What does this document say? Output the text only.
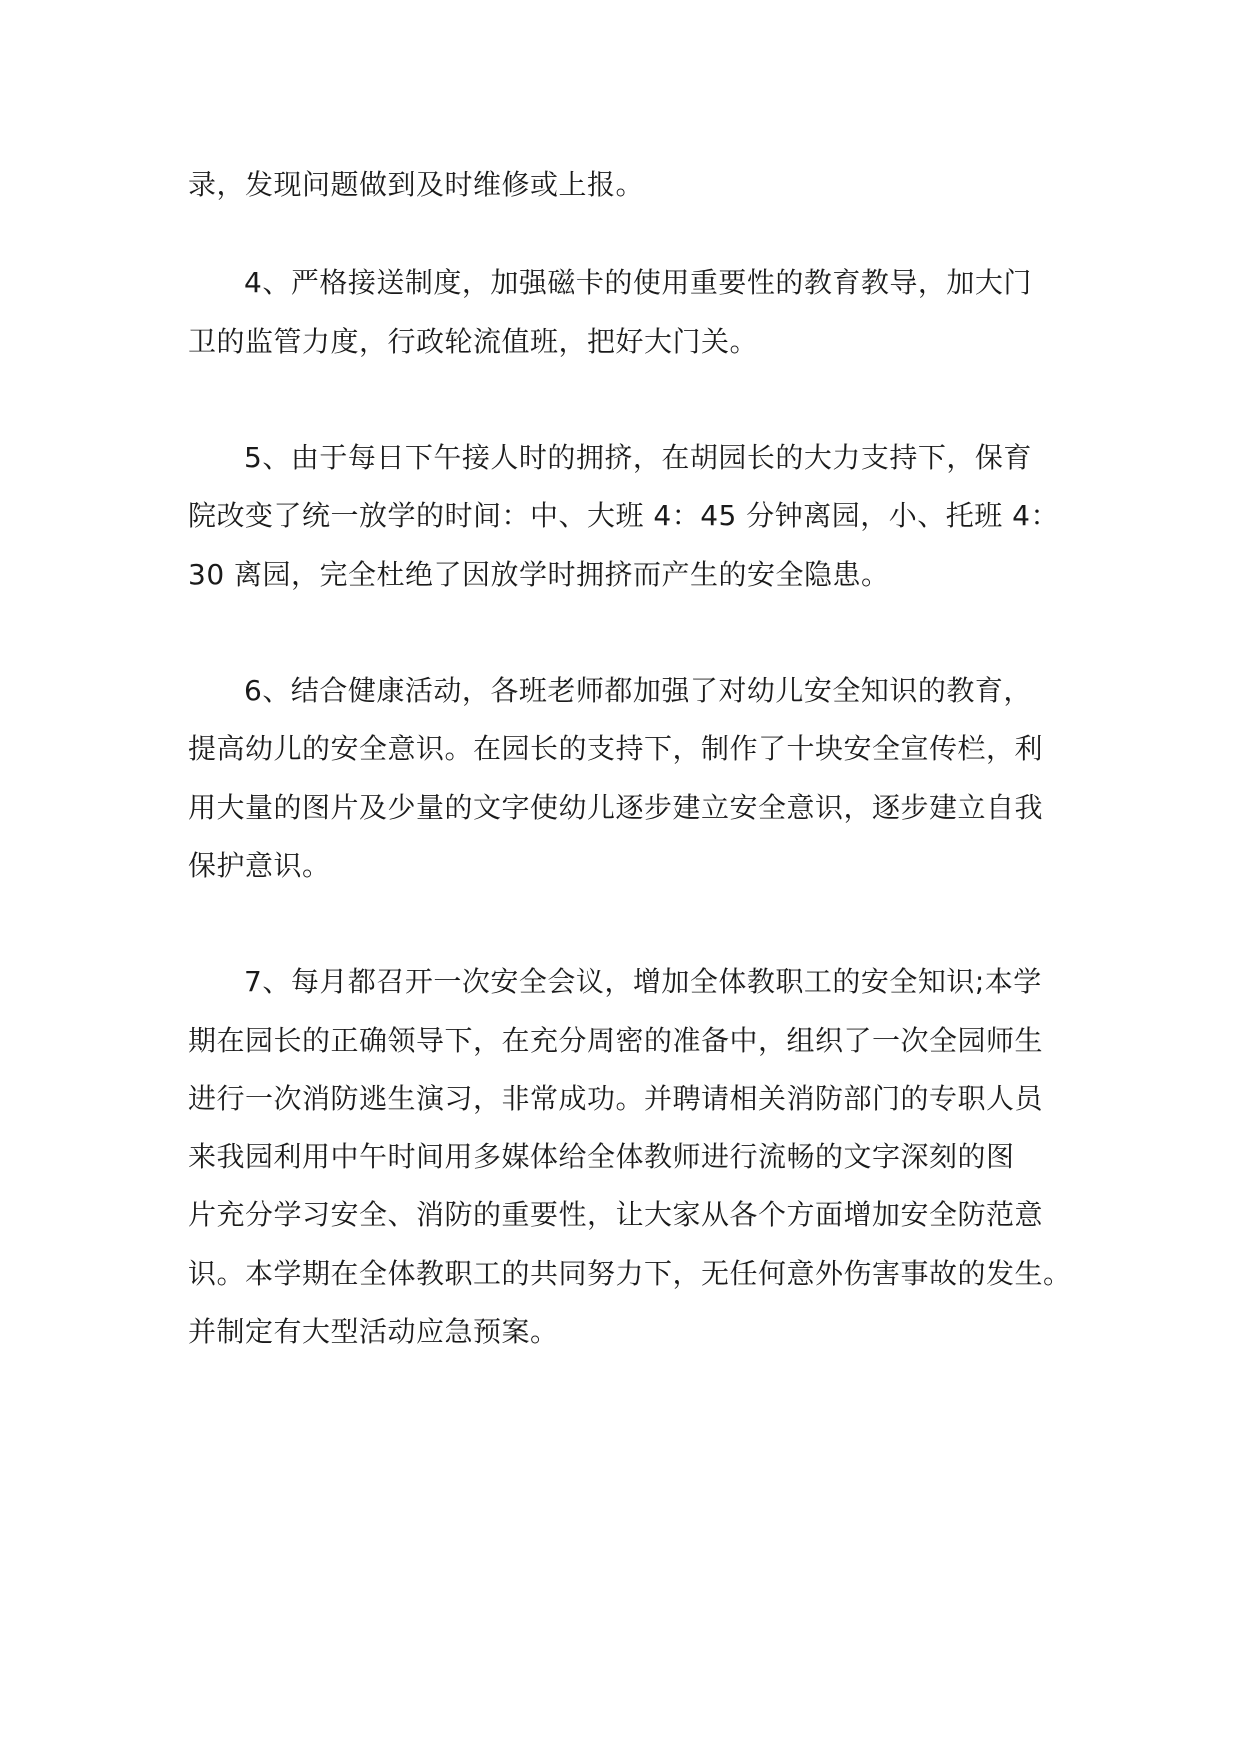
录，发现问题做到及时维修或上报。
4、严格接送制度，加强磁卡的使用重要性的教育教导，加大门
卫的监管力度，行政轮流值班，把好大门关。
5、由于每日下午接人时的拥挤，在胡园长的大力支持下，保育
院改变了统一放学的时间：中、大班 4：45 分钟离园，小、托班 4：
30 离园，完全杜绝了因放学时拥挤而产生的安全隐患。
6、结合健康活动，各班老师都加强了对幼儿安全知识的教育，
提高幼儿的安全意识。在园长的支持下，制作了十块安全宣传栏，利
用大量的图片及少量的文字使幼儿逐步建立安全意识，逐步建立自我
保护意识。
7、每月都召开一次安全会议，增加全体教职工的安全知识;本学
期在园长的正确领导下，在充分周密的准备中，组织了一次全园师生
进行一次消防逃生演习，非常成功。并聘请相关消防部门的专职人员
来我园利用中午时间用多媒体给全体教师进行流畅的文字深刻的图
片充分学习安全、消防的重要性，让大家从各个方面增加安全防范意
识。本学期在全体教职工的共同努力下，无任何意外伤害事故的发生。
并制定有大型活动应急预案。
